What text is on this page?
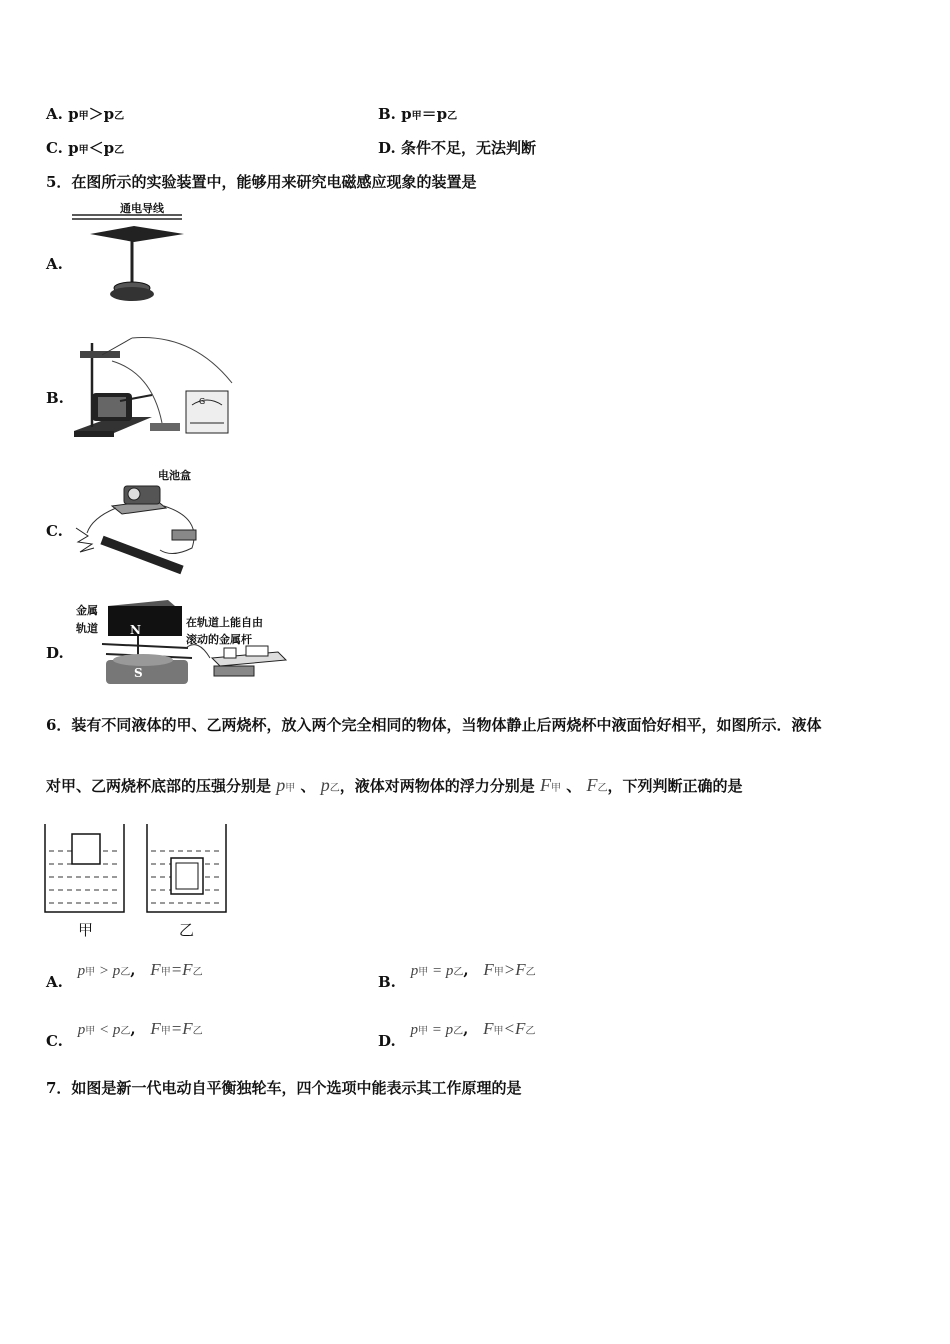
A. p甲＞p乙	B. p甲＝p乙
C. p甲＜p乙	D. 条件不足，无法判断
5．在图所示的实验装置中，能够用来研究电磁感应现象的装置是
A.
通电导线
B.	G
C.
电池盒
D.
金属
轨道	在轨道上能自由
滚动的金属杆
N
S
6．装有不同液体的甲、乙两烧杯，放入两个完全相同的物体，当物体静止后两烧杯中液面恰好相平，如图所示．液体
对甲、乙两烧杯底部的压强分别是 p甲 、 p乙，液体对两物体的浮力分别是 F甲 、 F乙，下列判断正确的是
甲	乙
A. p甲 > p乙, F甲=F乙
B. p甲 = p乙, F甲>F乙
C. p甲 < p乙, F甲=F乙
D. p甲 = p乙, F甲<F乙
7．如图是新一代电动自平衡独轮车，四个选项中能表示其工作原理的是
